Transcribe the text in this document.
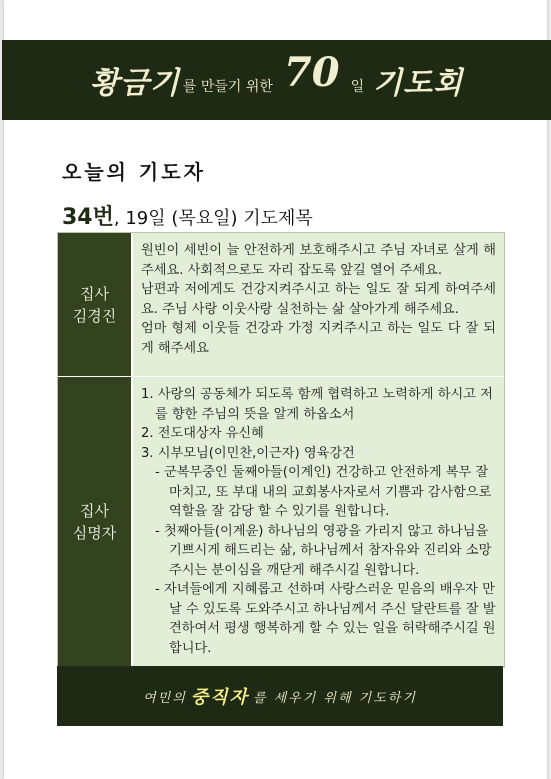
황금기 를 만들기 위한 70 일 기도회
오늘의 기도자
34번, 19일 (목요일) 기도제목
집사
김경진

원빈이 세빈이 늘 안전하게 보호해주시고 주님 자녀로 살게 해주세요. 사회적으로도 자리 잡도록 앞길 열어 주세요.

남편과 저에게도 건강지켜주시고 하는 일도 잘 되게 하여주세요. 주님 사랑 이웃사랑 실천하는 삶 살아가게 해주세요.

엄마 형제 이웃들 건강과 가정 지켜주시고 하는 일도 다 잘 되게 해주세요

집사
심명자
1. 사랑의 공동체가 되도록 함께 협력하고 노력하게 하시고 저를 향한 주님의 뜻을 알게 하옵소서
2. 전도대상자 유신혜
3. 시부모님(이민찬,이근자) 영육강건
- 군복무중인 둘째아들(이계인) 건강하고 안전하게 복무 잘 마치고, 또 부대 내의 교회봉사자로서 기쁨과 감사함으로 역할을 잘 감당 할 수 있기를 원합니다.
- 첫째아들(이계윤) 하나님의 영광을 가리지 않고 하나님을 기쁘시게 해드리는 삶, 하나님께서 참자유와 진리와 소망 주시는 분이심을 깨닫게 해주시길 원합니다.
- 자녀들에게 지혜롭고 선하며 사랑스러운 믿음의 배우자 만날 수 있도록 도와주시고 하나님께서 주신 달란트를 잘 발견하여서 평생 행복하게 할 수 있는 일을 허락해주시길 원합니다.
여민의 중직자 를 세우기 위해 기도하기
